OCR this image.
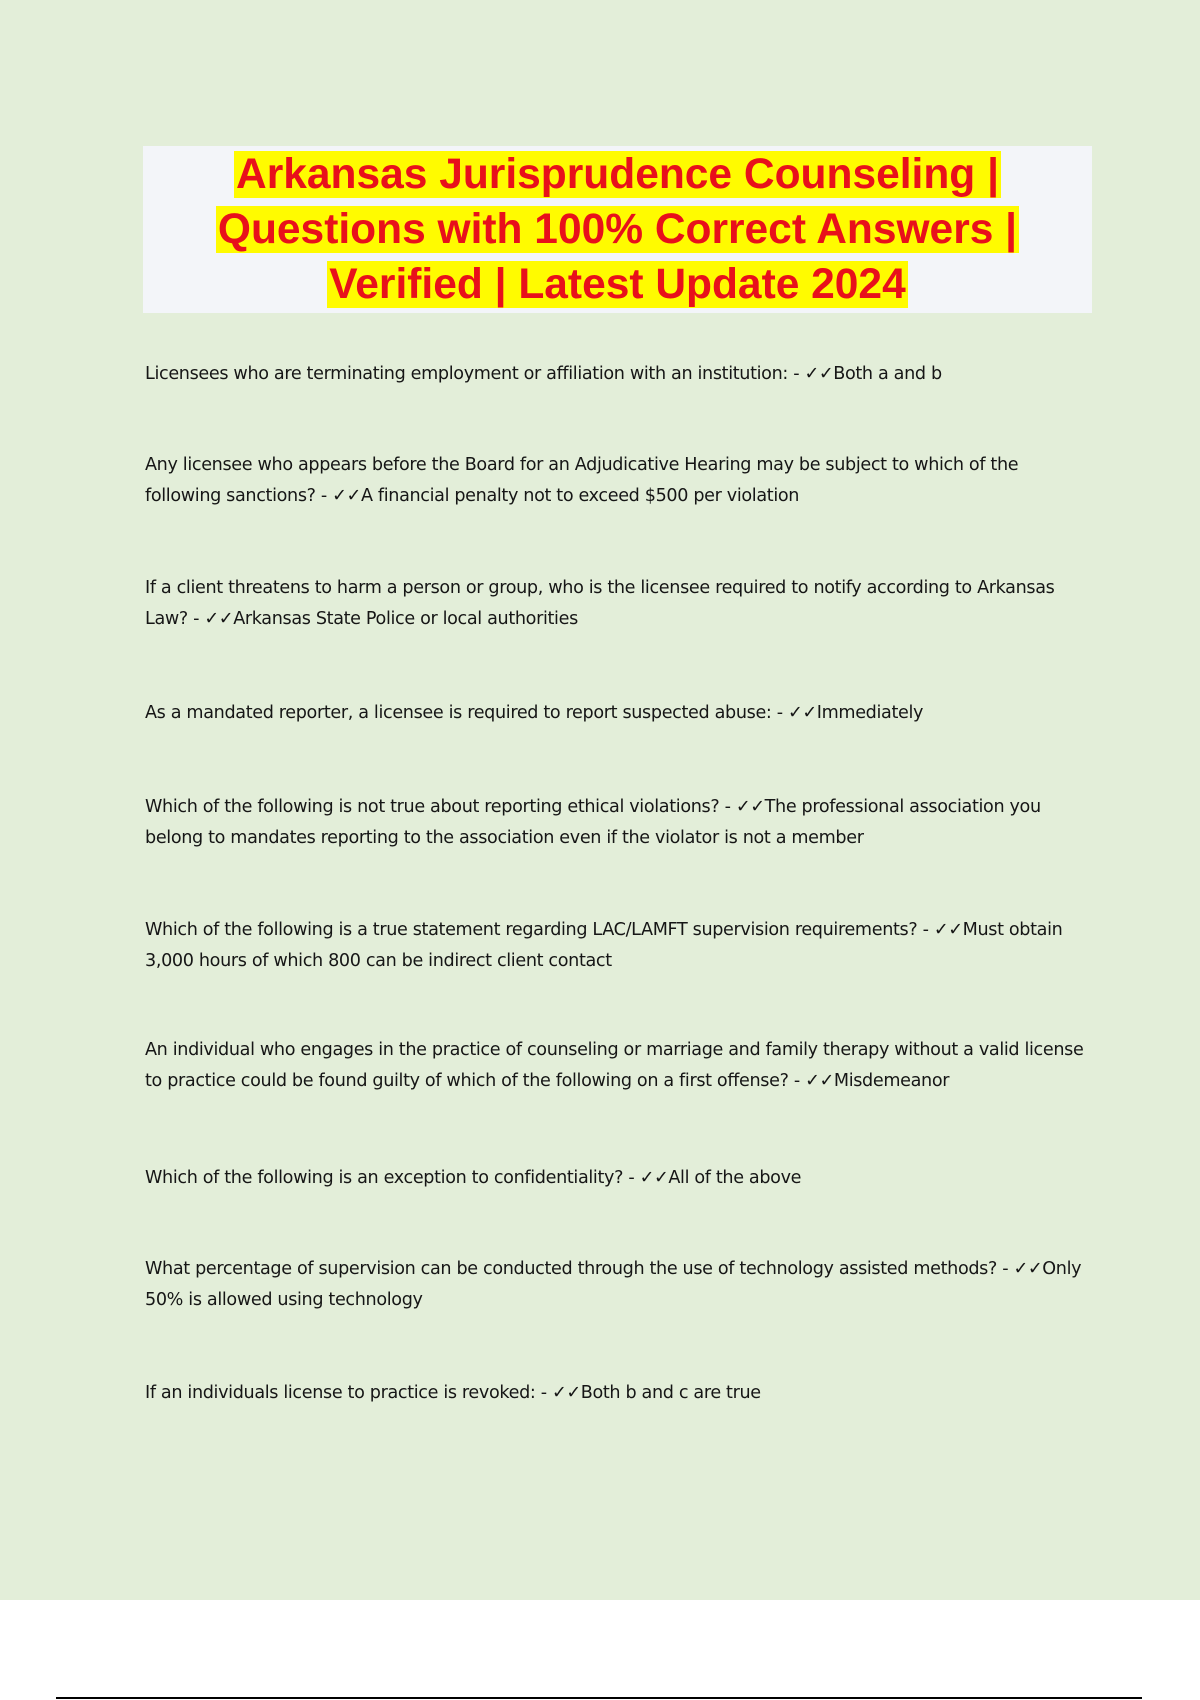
Arkansas Jurisprudence Counseling |
Questions with 100% Correct Answers |
Verified | Latest Update 2024

Licensees who are terminating employment or affiliation with an institution: - ✓✓Both a and b

Any licensee who appears before the Board for an Adjudicative Hearing may be subject to which of the following sanctions? - ✓✓A financial penalty not to exceed $500 per violation

If a client threatens to harm a person or group, who is the licensee required to notify according to Arkansas Law? - ✓✓Arkansas State Police or local authorities

As a mandated reporter, a licensee is required to report suspected abuse: - ✓✓Immediately

Which of the following is not true about reporting ethical violations? - ✓✓The professional association you belong to mandates reporting to the association even if the violator is not a member

Which of the following is a true statement regarding LAC/LAMFT supervision requirements? - ✓✓Must obtain 3,000 hours of which 800 can be indirect client contact

An individual who engages in the practice of counseling or marriage and family therapy without a valid license to practice could be found guilty of which of the following on a first offense? - ✓✓Misdemeanor

Which of the following is an exception to confidentiality? - ✓✓All of the above

What percentage of supervision can be conducted through the use of technology assisted methods? - ✓✓Only 50% is allowed using technology

If an individuals license to practice is revoked: - ✓✓Both b and c are true
